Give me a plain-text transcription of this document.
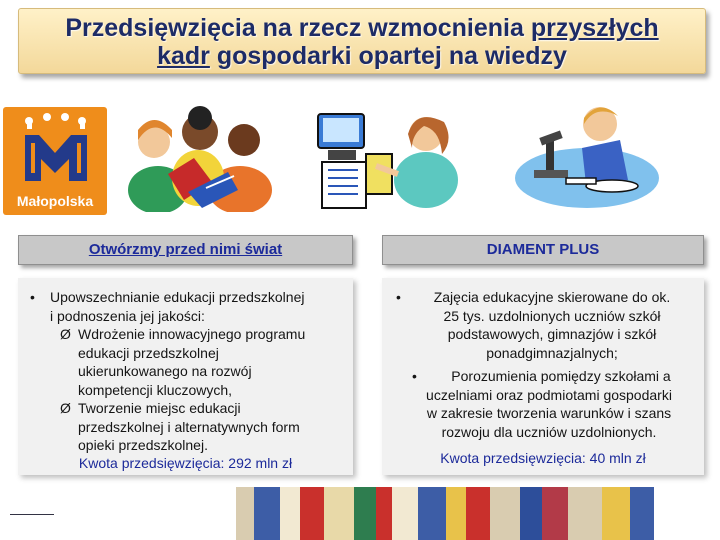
Przedsięwzięcia na rzecz wzmocnienia przyszłych
kadr gospodarki opartej na wiedzy
Małopolska
Otwórzmy przed nimi świat
• Upowszechnianie edukacji przedszkolnej
i podnoszenia jej jakości:
Ø Wdrożenie innowacyjnego programu
edukacji przedszkolnej
ukierunkowanego na rozwój
kompetencji kluczowych,
Ø Tworzenie miejsc edukacji
przedszkolnej i alternatywnych form
opieki przedszkolnej.
Kwota przedsięwzięcia: 292 mln zł
DIAMENT PLUS
•	Zajęcia edukacyjne skierowane do ok.
25 tys. uzdolnionych uczniów szkół
podstawowych, gimnazjów i szkół
ponadgimnazjalnych;
•	Porozumienia pomiędzy szkołami a
uczelniami oraz podmiotami gospodarki
w zakresie tworzenia warunków i szans
rozwoju dla uczniów uzdolnionych.
Kwota przedsięwzięcia: 40 mln zł
